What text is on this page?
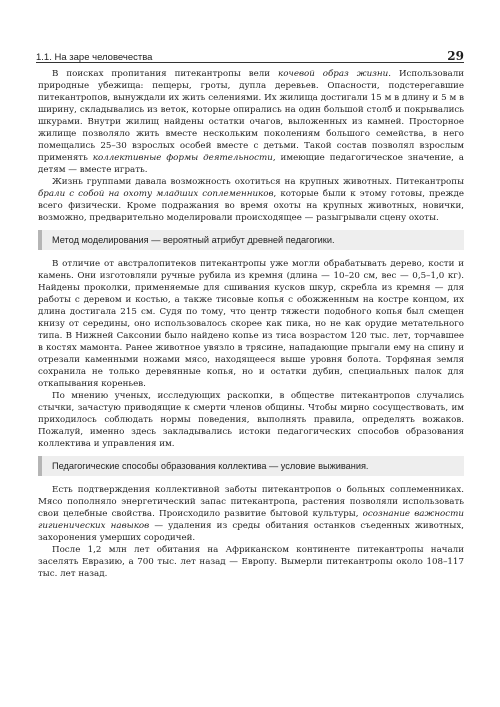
1.1. На заре человечества	29

В поисках пропитания питекантропы вели кочевой образ жизни. Использовали природные убежища: пещеры, гроты, дупла деревьев. Опасности, подстерегавшие питекантропов, вынуждали их жить селениями. Их жилища достигали 15 м в длину и 5 м в ширину, складывались из веток, которые опирались на один большой столб и покрывались шкурами. Внутри жилищ найдены остатки очагов, выложенных из камней. Просторное жилище позволяло жить вместе нескольким поколениям большого семейства, в него помещались 25–30 взрослых особей вместе с детьми. Такой состав позволял взрослым применять коллективные формы деятельности, имеющие педагогическое значение, а детям — вместе играть.

Жизнь группами давала возможность охотиться на крупных животных. Питекантропы брали с собой на охоту младших соплеменников, которые были к этому готовы, прежде всего физически. Кроме подражания во время охоты на крупных животных, новички, возможно, предварительно моделировали происходящее — разыгрывали сцену охоты.

Метод моделирования — вероятный атрибут древней педагогики.

В отличие от австралопитеков питекантропы уже могли обрабатывать дерево, кости и камень. Они изготовляли ручные рубила из кремня (длина — 10–20 см, вес — 0,5–1,0 кг). Найдены проколки, применяемые для сшивания кусков шкур, скребла из кремня — для работы с деревом и костью, а также тисовые копья с обожженным на костре концом, их длина достигала 215 см. Судя по тому, что центр тяжести подобного копья был смещен книзу от середины, оно использовалось скорее как пика, но не как орудие метательного типа. В Нижней Саксонии было найдено копье из тиса возрастом 120 тыс. лет, торчавшее в костях мамонта. Ранее животное увязло в трясине, нападающие прыгали ему на спину и отрезали каменными ножами мясо, находящееся выше уровня болота. Торфяная земля сохранила не только деревянные копья, но и остатки дубин, специальных палок для откапывания кореньев.

По мнению ученых, исследующих раскопки, в обществе питекантропов случались стычки, зачастую приводящие к смерти членов общины. Чтобы мирно сосуществовать, им приходилось соблюдать нормы поведения, выполнять правила, определять вожаков. Пожалуй, именно здесь закладывались истоки педагогических способов образования коллектива и управления им.

Педагогические способы образования коллектива — условие выживания.

Есть подтверждения коллективной заботы питекантропов о больных соплеменниках. Мясо пополняло энергетический запас питекантропа, растения позволяли использовать свои целебные свойства. Происходило развитие бытовой культуры, осознание важности гигиенических навыков — удаления из среды обитания останков съеденных животных, захоронения умерших сородичей.

После 1,2 млн лет обитания на Африканском континенте питекантропы начали заселять Евразию, а 700 тыс. лет назад — Европу. Вымерли питекантропы около 108–117 тыс. лет назад.
